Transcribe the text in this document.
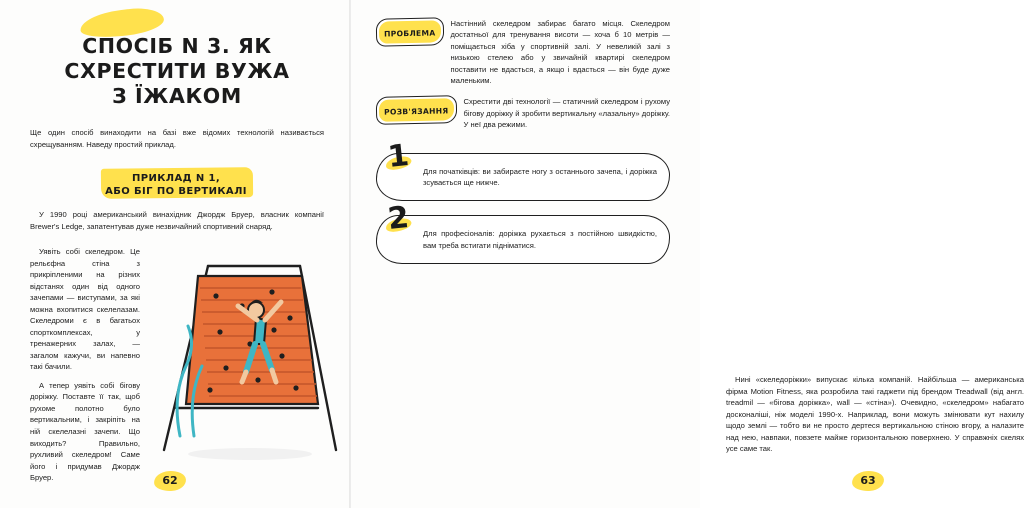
СПОСІБ N 3. ЯК
СХРЕСТИТИ ВУЖА
З ЇЖАКОМ

Ще один спосіб винаходити на базі вже відомих технологій називається схрещуванням. Наведу простий приклад.

ПРИКЛАД N 1,
АБО БІГ ПО ВЕРТИКАЛІ

У 1990 році американський винахідник Джордж Бруер, власник компанії Brewer's Ledge, запатентував дуже незвичайний спортивний снаряд.

Уявіть собі скеледром. Це рельєфна стіна з прикріпленими на різних відстанях один від одного зачепами — виступами, за які можна вхопитися скелелазам. Скеледроми є в багатьох спорткомплексах, у тренажерних залах, — загалом кажучи, ви напевно такі бачили.

А тепер уявіть собі бігову доріжку. Поставте її так, щоб рухоме полотно було вертикальним, і закріпіть на ній скелелазні зачепи. Що виходить? Правильно, рухливий скеледром! Саме його і придумав Джордж Бруер.	62
ПРОБЛЕМА
Настінний скеледром забирає багато місця. Скеледром достатньої для тренування висоти — хоча б 10 метрів — поміщається хіба у спортивній залі. У невеликій залі з низькою стелею або у звичайній квартирі скеледром поставити не вдасться, а якщо і вдасться — він буде дуже маленьким.
РОЗВ'ЯЗАННЯ
Схрестити дві технології — статичний скеледром і рухому бігову доріжку й зробити вертикальну «лазальну» доріжку. У неї два режими.
1 Для початківців: ви забираєте ногу з останнього зачепа, і доріжка зсувається ще нижче.
2 Для професіоналів: доріжка рухається з постійною швидкістю, вам треба встигати підніматися.

Нині «скеледоріжки» випускає кілька компаній. Найбільша — американська фірма Motion Fitness, яка розробила такі гаджети під брендом Treadwall (від англ. treadmil — «бігова доріжка», wall — «стіна»). Очевидно, «скеледром» набагато досконаліші, ніж моделі 1990-х. Наприклад, вони можуть змінювати кут нахилу щодо землі — тобто ви не просто дертеся вертикальною стіною вгору, а налазите над нею, навпаки, повзете майже горизонтальною поверхнею. У справжніх скелях усе саме так.

63
